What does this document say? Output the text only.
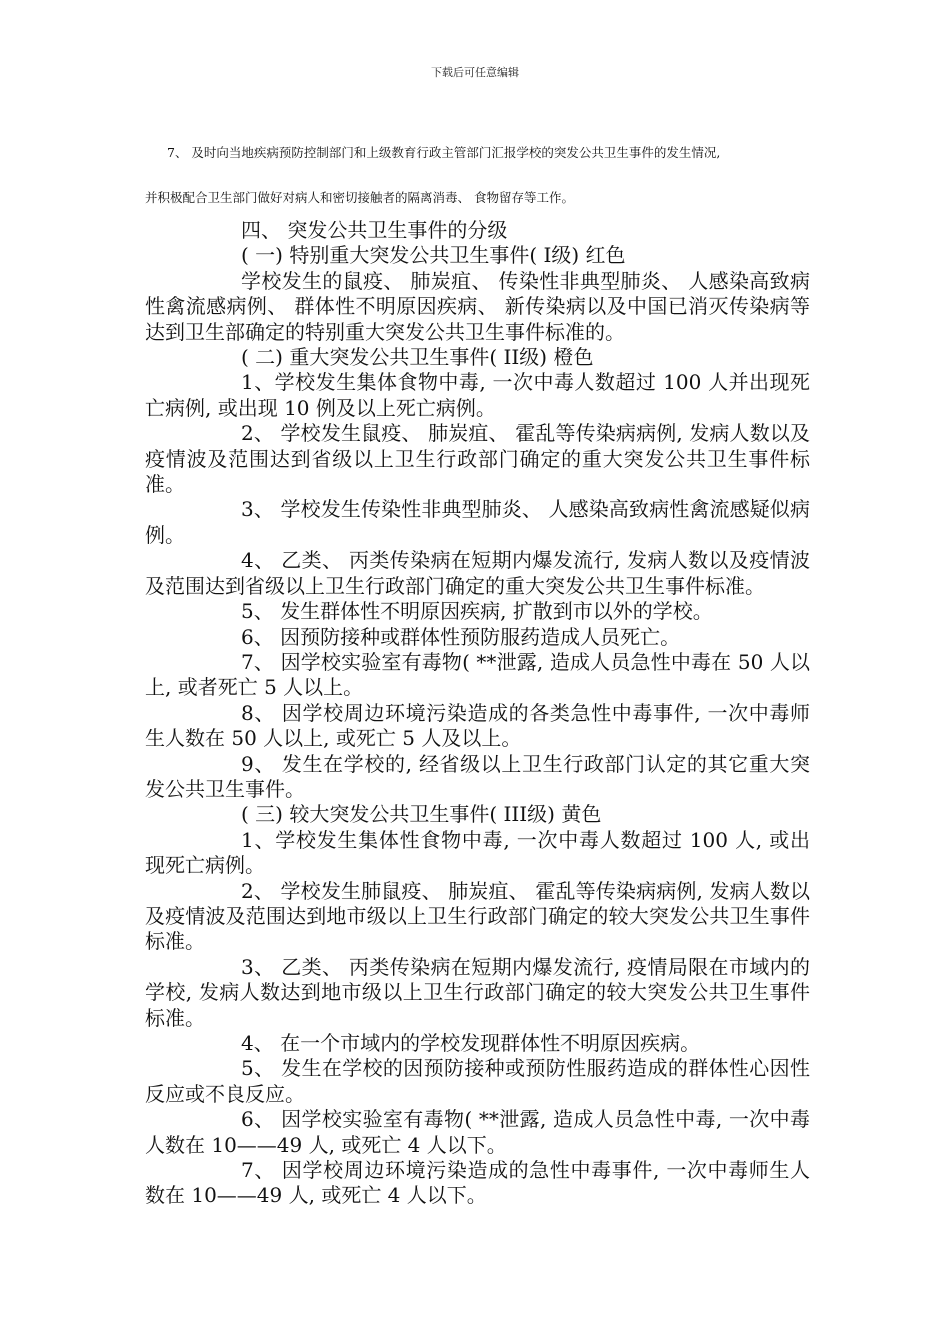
下载后可任意编辑
7、 及时向当地疾病预防控制部门和上级教育行政主管部门汇报学校的突发公共卫生事件的发生情况,
并积极配合卫生部门做好对病人和密切接触者的隔离消毒、 食物留存等工作。

四、 突发公共卫生事件的分级

( 一) 特别重大突发公共卫生事件( I级) 红色

学校发生的鼠疫、 肺炭疽、 传染性非典型肺炎、 人感染高致病性禽流感病例、 群体性不明原因疾病、 新传染病以及中国已消灭传染病等达到卫生部确定的特别重大突发公共卫生事件标准的。

( 二) 重大突发公共卫生事件( II级) 橙色

1、学校发生集体食物中毒, 一次中毒人数超过 100 人并出现死亡病例, 或出现 10 例及以上死亡病例。

2、 学校发生鼠疫、 肺炭疽、 霍乱等传染病病例, 发病人数以及疫情波及范围达到省级以上卫生行政部门确定的重大突发公共卫生事件标准。

3、 学校发生传染性非典型肺炎、 人感染高致病性禽流感疑似病例。

4、 乙类、 丙类传染病在短期内爆发流行, 发病人数以及疫情波及范围达到省级以上卫生行政部门确定的重大突发公共卫生事件标准。

5、 发生群体性不明原因疾病, 扩散到市以外的学校。

6、 因预防接种或群体性预防服药造成人员死亡。

7、 因学校实验室有毒物( **泄露, 造成人员急性中毒在 50 人以上, 或者死亡 5 人以上。

8、 因学校周边环境污染造成的各类急性中毒事件, 一次中毒师生人数在 50 人以上, 或死亡 5 人及以上。

9、 发生在学校的, 经省级以上卫生行政部门认定的其它重大突发公共卫生事件。

( 三) 较大突发公共卫生事件( III级) 黄色

1、学校发生集体性食物中毒, 一次中毒人数超过 100 人, 或出现死亡病例。

2、 学校发生肺鼠疫、 肺炭疽、 霍乱等传染病病例, 发病人数以及疫情波及范围达到地市级以上卫生行政部门确定的较大突发公共卫生事件标准。

3、 乙类、 丙类传染病在短期内爆发流行, 疫情局限在市域内的学校, 发病人数达到地市级以上卫生行政部门确定的较大突发公共卫生事件标准。

4、 在一个市域内的学校发现群体性不明原因疾病。

5、 发生在学校的因预防接种或预防性服药造成的群体性心因性反应或不良反应。

6、 因学校实验室有毒物( **泄露, 造成人员急性中毒, 一次中毒人数在 10——49 人, 或死亡 4 人以下。

7、 因学校周边环境污染造成的急性中毒事件, 一次中毒师生人数在 10——49 人, 或死亡 4 人以下。
